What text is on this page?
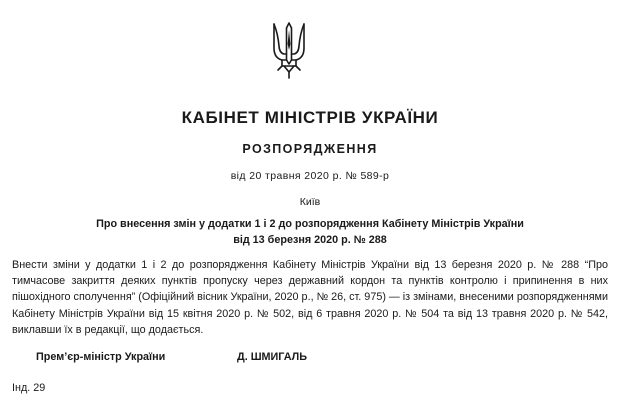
КАБІНЕТ МІНІСТРІВ УКРАЇНИ
РОЗПОРЯДЖЕННЯ
від 20 травня 2020 р. № 589-р
Київ
Про внесення змін у додатки 1 і 2 до розпорядження Кабінету Міністрів України від 13 березня 2020 р. № 288
Внести зміни у додатки 1 і 2 до розпорядження Кабінету Міністрів України від 13 березня 2020 р. № 288 “Про тимчасове закриття деяких пунктів пропуску через державний кордон та пунктів контролю і припинення в них пішохідного сполучення” (Офіційний вісник України, 2020 р., № 26, ст. 975) — із змінами, внесеними розпорядженнями Кабінету Міністрів України від 15 квітня 2020 р. № 502, від 6 травня 2020 р. № 504 та від 13 травня 2020 р. № 542, виклавши їх в редакції, що додається.
Прем’єр-міністр України	Д. ШМИГАЛЬ
Інд. 29
